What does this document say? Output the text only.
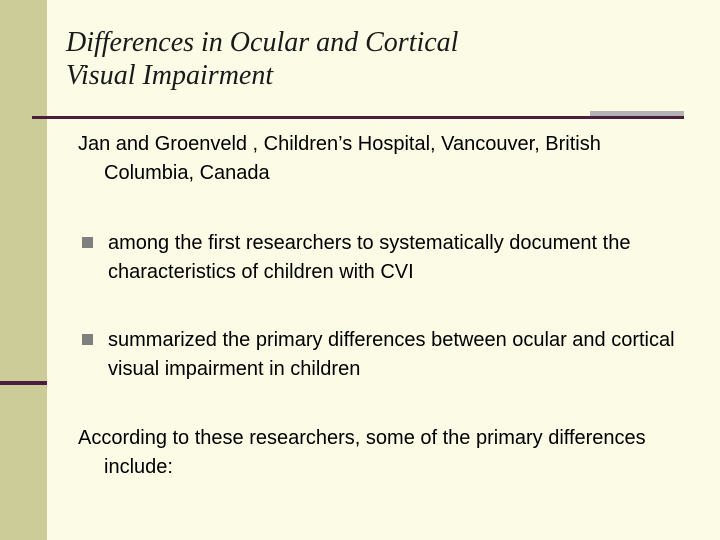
Differences in Ocular and Cortical
Visual Impairment

Jan and Groenveld , Children’s Hospital, Vancouver, British Columbia, Canada

among the first researchers to systematically document the characteristics of children with CVI
summarized the primary differences between ocular and cortical visual impairment in children

According to these researchers, some of the primary differences include:
